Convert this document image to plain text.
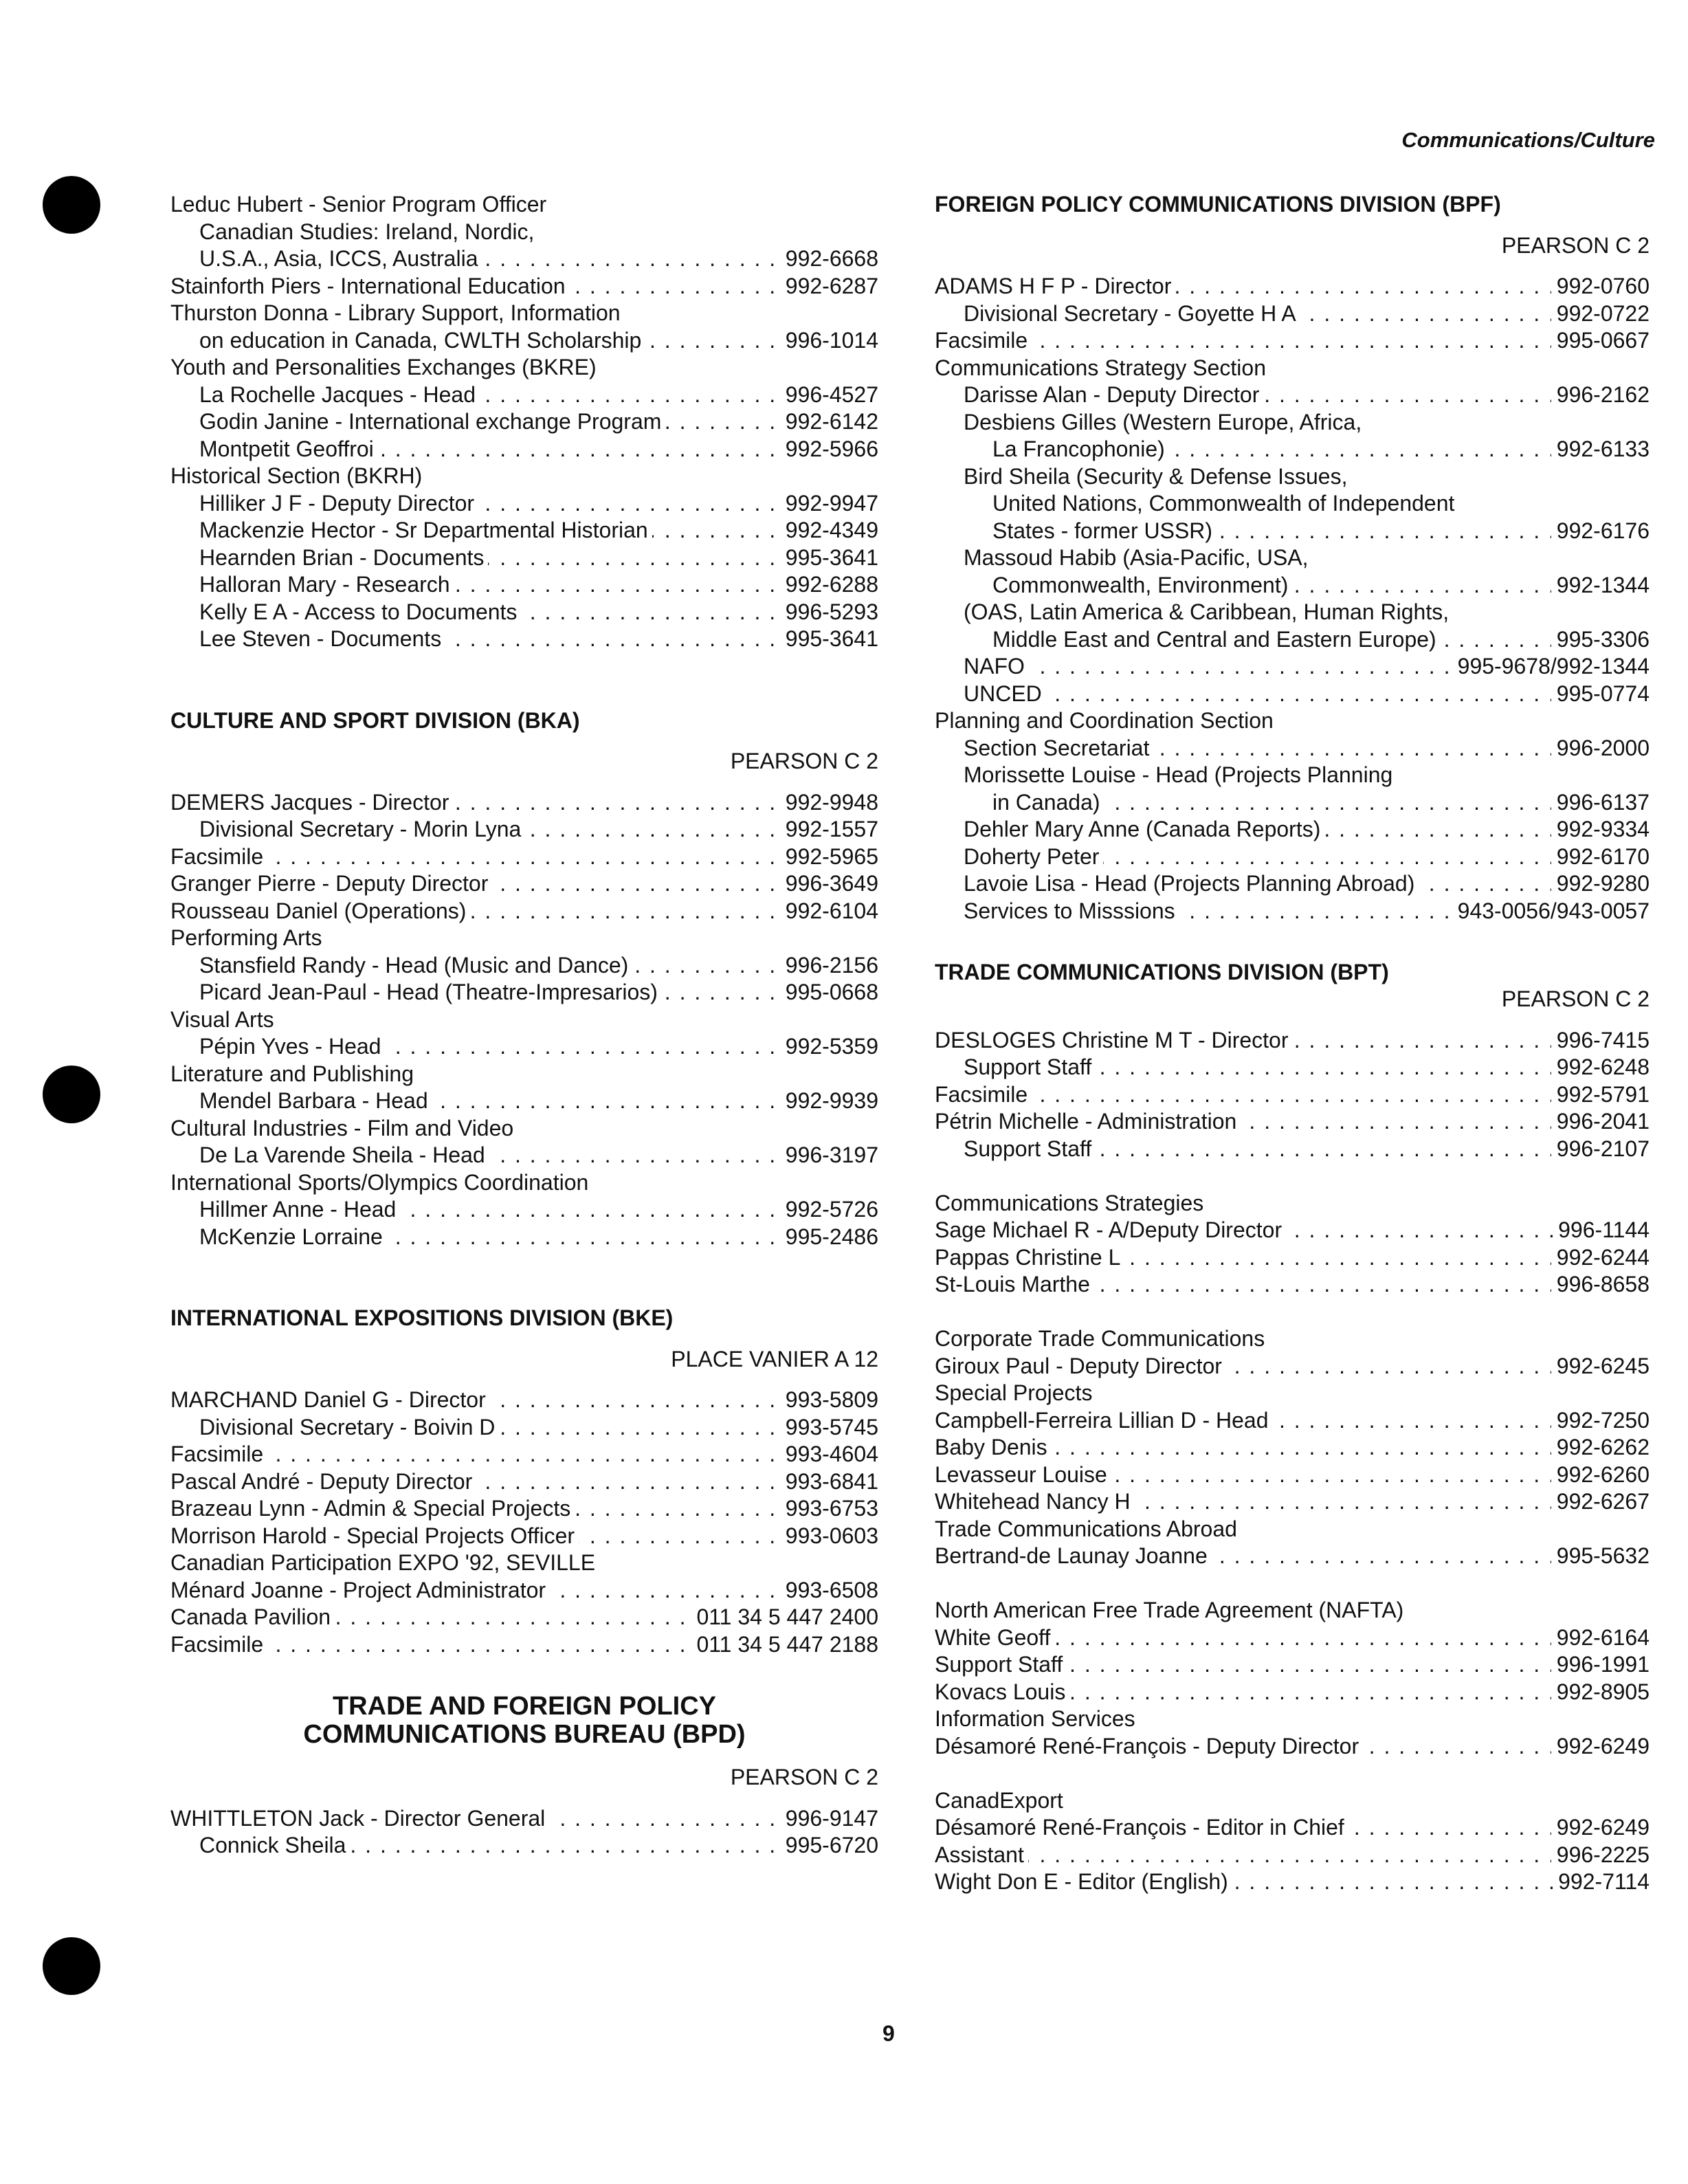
Communications/Culture
Leduc Hubert - Senior Program Officer
Canadian Studies: Ireland, Nordic,
U.S.A., Asia, ICCS, Australia	992-6668
. . .
Stainforth Piers - International Education	992-6287
. . .
Thurston Donna - Library Support, Information
on education in Canada, CWLTH Scholarship	996-1014
. . .
Youth and Personalities Exchanges (BKRE)
La Rochelle Jacques - Head	996-4527
. . .
Godin Janine - International exchange Program	992-6142
. . .
Montpetit Geoffroi	992-5966
. . .
Historical Section (BKRH)
Hilliker J F - Deputy Director	992-9947
. . .
Mackenzie Hector - Sr Departmental Historian	992-4349
. . .
Hearnden Brian - Documents	995-3641
. . .
Halloran Mary - Research	992-6288
. . .
Kelly E A - Access to Documents	996-5293
. . .
Lee Steven - Documents	995-3641
. . .
CULTURE AND SPORT DIVISION (BKA)
PEARSON C 2
DEMERS Jacques - Director	992-9948
. . .
Divisional Secretary - Morin Lyna	992-1557
. . .
Facsimile	992-5965
. . .
Granger Pierre - Deputy Director	996-3649
. . .
Rousseau Daniel (Operations)	992-6104
. . .
Performing Arts
Stansfield Randy - Head (Music and Dance)	996-2156
. . .
Picard Jean-Paul - Head (Theatre-Impresarios)	995-0668
. . .
Visual Arts
Pépin Yves - Head	992-5359
. . .
Literature and Publishing
Mendel Barbara - Head	992-9939
. . .
Cultural Industries - Film and Video
De La Varende Sheila - Head	996-3197
. . .
International Sports/Olympics Coordination
Hillmer Anne - Head	992-5726
. . .
McKenzie Lorraine	995-2486
. . .
INTERNATIONAL EXPOSITIONS DIVISION (BKE)
PLACE VANIER A 12
MARCHAND Daniel G - Director	993-5809
. . .
Divisional Secretary - Boivin D	993-5745
. . .
Facsimile	993-4604
. . .
Pascal André - Deputy Director	993-6841
. . .
Brazeau Lynn - Admin & Special Projects	993-6753
. . .
Morrison Harold - Special Projects Officer	993-0603
. . .
Canadian Participation EXPO '92, SEVILLE
Ménard Joanne - Project Administrator	993-6508
. . .
Canada Pavilion	011 34 5 447 2400
. . .
Facsimile	011 34 5 447 2188
. . .
TRADE AND FOREIGN POLICY
COMMUNICATIONS BUREAU (BPD)
PEARSON C 2
WHITTLETON Jack - Director General	996-9147
. . .
Connick Sheila	995-6720
. . .
FOREIGN POLICY COMMUNICATIONS DIVISION (BPF)
PEARSON C 2
ADAMS H F P - Director	992-0760
. . .
Divisional Secretary - Goyette H A	992-0722
. . .
Facsimile	995-0667
. . .
Communications Strategy Section
Darisse Alan - Deputy Director	996-2162
. . .
Desbiens Gilles (Western Europe, Africa,
La Francophonie)	992-6133
. . .
Bird Sheila (Security & Defense Issues,
United Nations, Commonwealth of Independent
States - former USSR)	992-6176
. . .
Massoud Habib (Asia-Pacific, USA,
Commonwealth, Environment)	992-1344
. . .
(OAS, Latin America & Caribbean, Human Rights,
Middle East and Central and Eastern Europe)	995-3306
. . .
NAFO	995-9678/992-1344
. . .
UNCED	995-0774
. . .
Planning and Coordination Section
Section Secretariat	996-2000
. . .
Morissette Louise - Head (Projects Planning
in Canada)	996-6137
. . .
Dehler Mary Anne (Canada Reports)	992-9334
. . .
Doherty Peter	992-6170
. . .
Lavoie Lisa - Head (Projects Planning Abroad)	992-9280
. . .
Services to Misssions	943-0056/943-0057
. . .
TRADE COMMUNICATIONS DIVISION (BPT)
PEARSON C 2
DESLOGES Christine M T - Director	996-7415
. . .
Support Staff	992-6248
. . .
Facsimile	992-5791
. . .
Pétrin Michelle - Administration	996-2041
. . .
Support Staff	996-2107
. . .
Communications Strategies
Sage Michael R - A/Deputy Director	996-1144
. . .
Pappas Christine L	992-6244
. . .
St-Louis Marthe	996-8658
. . .
Corporate Trade Communications
Giroux Paul - Deputy Director	992-6245
. . .
Special Projects
Campbell-Ferreira Lillian D - Head	992-7250
. . .
Baby Denis	992-6262
. . .
Levasseur Louise	992-6260
. . .
Whitehead Nancy H	992-6267
. . .
Trade Communications Abroad
Bertrand-de Launay Joanne	995-5632
. . .
North American Free Trade Agreement (NAFTA)
White Geoff	992-6164
. . .
Support Staff	996-1991
. . .
Kovacs Louis	992-8905
. . .
Information Services
Désamoré René-François - Deputy Director	992-6249
. . .
CanadExport
Désamoré René-François - Editor in Chief	992-6249
. . .
Assistant	996-2225
. . .
Wight Don E - Editor (English)	992-7114
. . .
9
